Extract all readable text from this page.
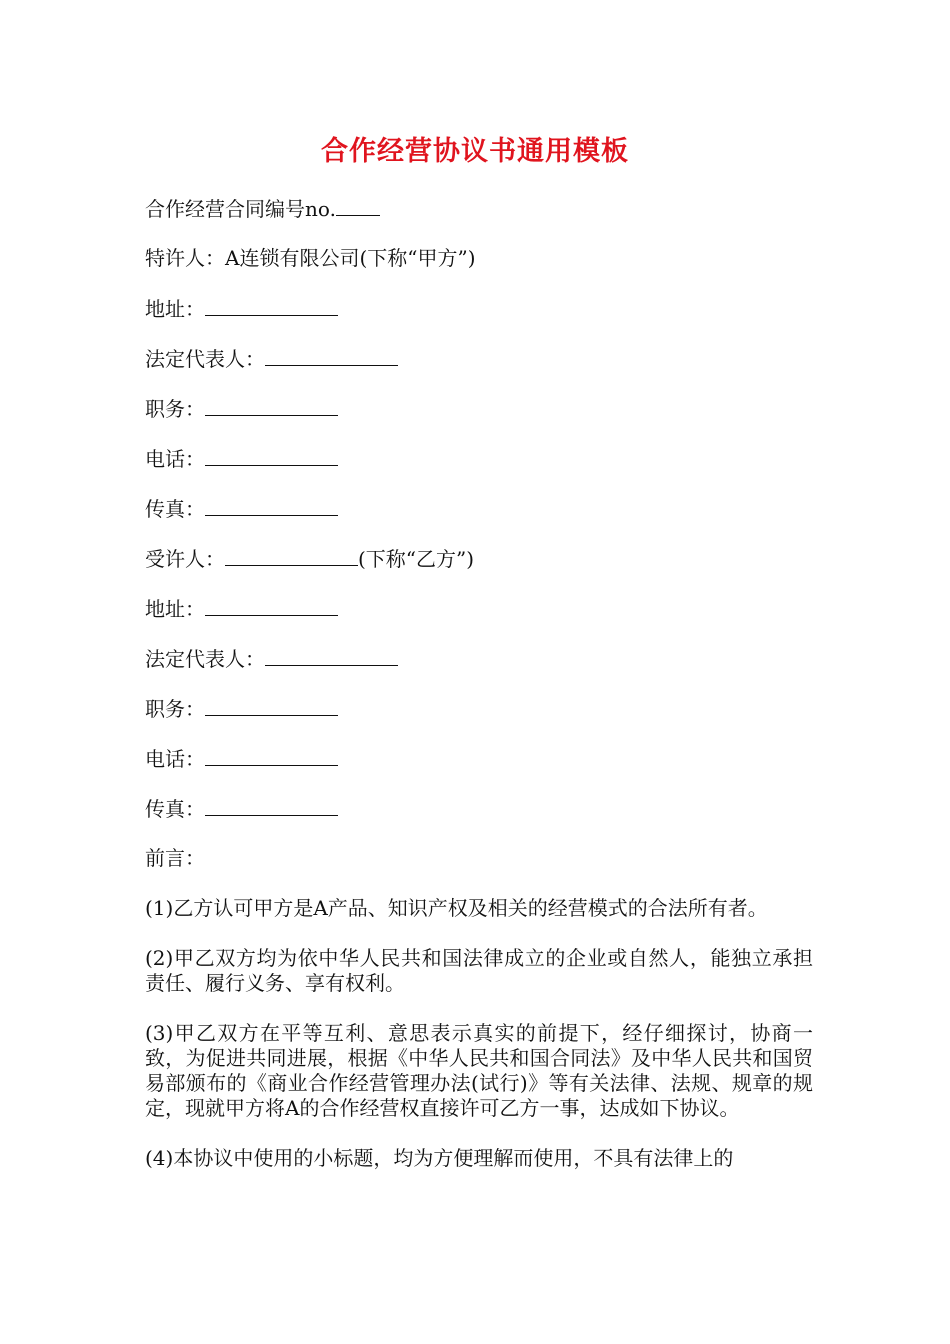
合作经营协议书通用模板
合作经营合同编号no.
特许人：A连锁有限公司(下称“甲方”)
地址：
法定代表人：
职务：
电话：
传真：
受许人：	(下称“乙方”)
地址：
法定代表人：
职务：
电话：
传真：
前言：
(1)乙方认可甲方是A产品、知识产权及相关的经营模式的合法所有者。
(2)甲乙双方均为依中华人民共和国法律成立的企业或自然人，能独立承担责任、履行义务、享有权利。
(3)甲乙双方在平等互利、意思表示真实的前提下，经仔细探讨，协商一致，为促进共同进展，根据《中华人民共和国合同法》及中华人民共和国贸易部颁布的《商业合作经营管理办法(试行)》等有关法律、法规、规章的规定，现就甲方将A的合作经营权直接许可乙方一事，达成如下协议。
(4)本协议中使用的小标题，均为方便理解而使用，不具有法律上的
